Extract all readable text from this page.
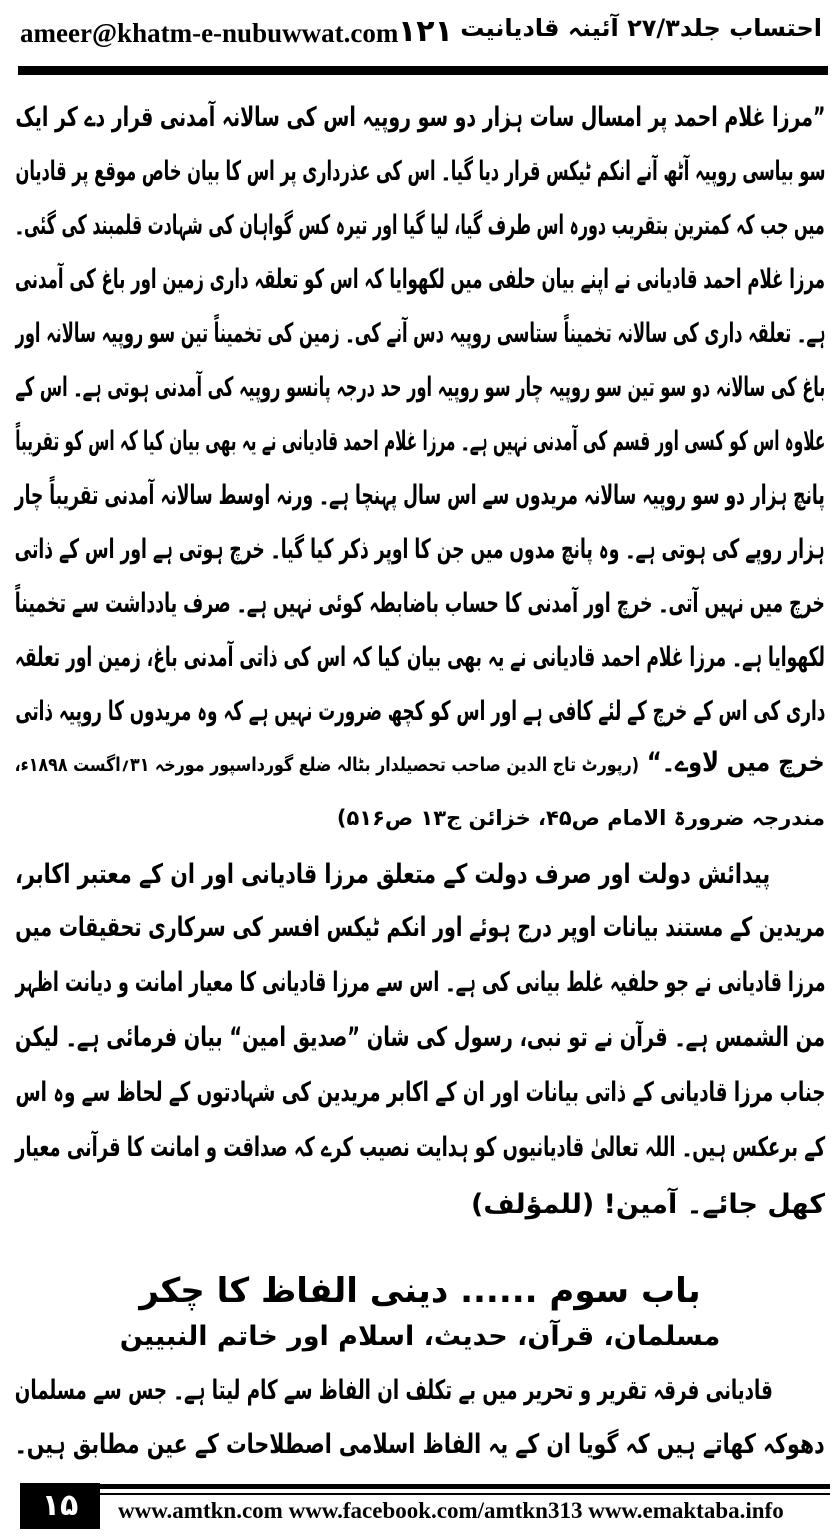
ameer@khatm-e-nubuwwat.com ۱۲۱ احتساب جلد۲۷/۳ آئینہ قادیانیت
”مرزا غلام احمد پر امسال سات ہزار دو سو روپیہ اس کی سالانہ آمدنی قرار دے کر ایک
سو بیاسی روپیہ آٹھ آنے انکم ٹیکس قرار دیا گیا۔ اس کی عذرداری پر اس کا بیان خاص موقع پر قادیان
میں جب کہ کمترین بتقریب دورہ اس طرف گیا، لیا گیا اور تیرہ کس گواہان کی شہادت قلمبند کی گئی۔
مرزا غلام احمد قادیانی نے اپنے بیان حلفی میں لکھوایا کہ اس کو تعلقہ داری زمین اور باغ کی آمدنی
ہے۔ تعلقہ داری کی سالانہ تخمیناً ستاسی روپیہ دس آنے کی۔ زمین کی تخمیناً تین سو روپیہ سالانہ اور
باغ کی سالانہ دو سو تین سو روپیہ چار سو روپیہ اور حد درجہ پانسو روپیہ کی آمدنی ہوتی ہے۔ اس کے
علاوہ اس کو کسی اور قسم کی آمدنی نہیں ہے۔ مرزا غلام احمد قادیانی نے یہ بھی بیان کیا کہ اس کو تقریباً
پانچ ہزار دو سو روپیہ سالانہ مریدوں سے اس سال پہنچا ہے۔ ورنہ اوسط سالانہ آمدنی تقریباً چار
ہزار روپے کی ہوتی ہے۔ وہ پانچ مدوں میں جن کا اوپر ذکر کیا گیا۔ خرچ ہوتی ہے اور اس کے ذاتی
خرچ میں نہیں آتی۔ خرچ اور آمدنی کا حساب باضابطہ کوئی نہیں ہے۔ صرف یادداشت سے تخمیناً
لکھوایا ہے۔ مرزا غلام احمد قادیانی نے یہ بھی بیان کیا کہ اس کی ذاتی آمدنی باغ، زمین اور تعلقہ
داری کی اس کے خرچ کے لئے کافی ہے اور اس کو کچھ ضرورت نہیں ہے کہ وہ مریدوں کا روپیہ ذاتی
خرچ میں لاوے۔“ (رپورٹ تاج الدین صاحب تحصیلدار بٹالہ ضلع گورداسپور مورخہ ۳۱؍اگست ۱۸۹۸ء،
مندرجہ ضرورۃ الامام ص۴۵، خزائن ج۱۳ ص۵۱۶)
پیدائش دولت اور صرف دولت کے متعلق مرزا قادیانی اور ان کے معتبر اکابر،
مریدین کے مستند بیانات اوپر درج ہوئے اور انکم ٹیکس افسر کی سرکاری تحقیقات میں
مرزا قادیانی نے جو حلفیہ غلط بیانی کی ہے۔ اس سے مرزا قادیانی کا معیار امانت و دیانت اظہر
من الشمس ہے۔ قرآن نے تو نبی، رسول کی شان ”صدیق امین“ بیان فرمائی ہے۔ لیکن
جناب مرزا قادیانی کے ذاتی بیانات اور ان کے اکابر مریدین کی شہادتوں کے لحاظ سے وہ اس
کے برعکس ہیں۔ اللہ تعالیٰ قادیانیوں کو ہدایت نصیب کرے کہ صداقت و امانت کا قرآنی معیار
کھل جائے۔ آمین! (للمؤلف)
باب سوم ...... دینی الفاظ کا چکر
مسلمان، قرآن، حدیث، اسلام اور خاتم النبیین
قادیانی فرقہ تقریر و تحریر میں بے تکلف ان الفاظ سے کام لیتا ہے۔ جس سے مسلمان
دھوکہ کھاتے ہیں کہ گویا ان کے یہ الفاظ اسلامی اصطلاحات کے عین مطابق ہیں۔
۱۵	www.amtkn.com www.facebook.com/amtkn313 www.emaktaba.info
